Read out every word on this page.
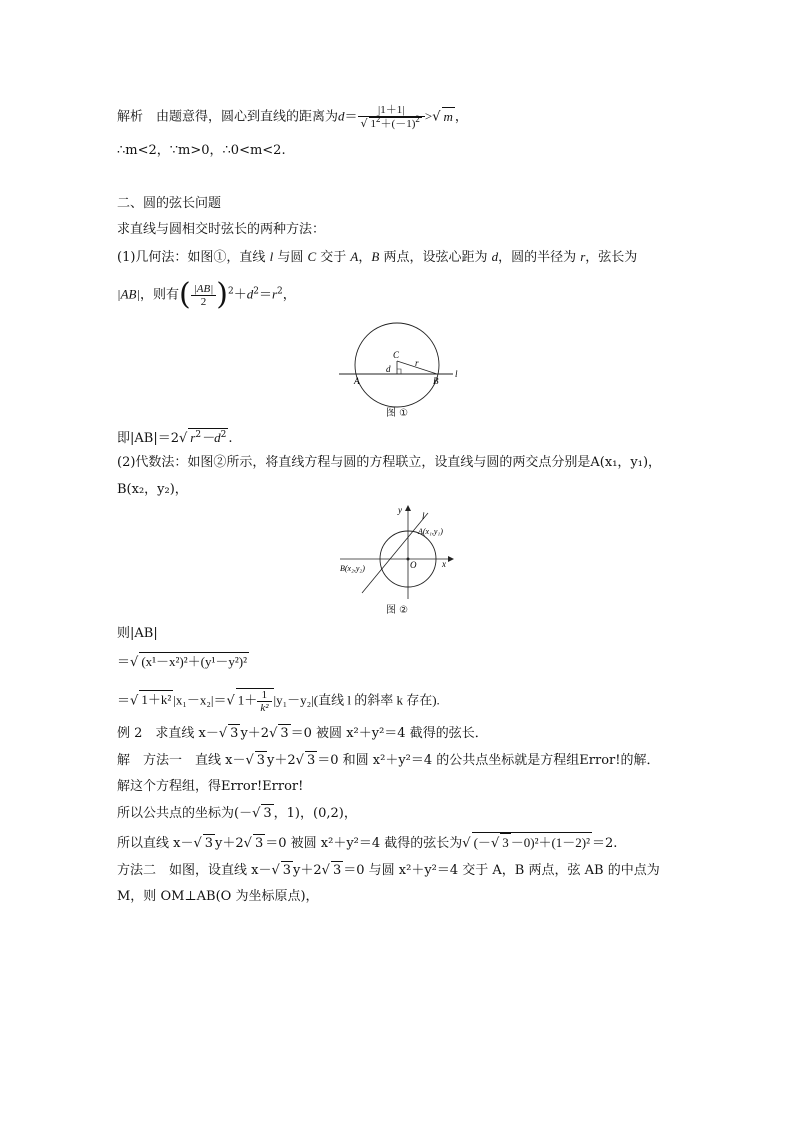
解析　由题意得，圆心到直线的距离为$d= \frac{|1+1|}{√ 1^2+(-1)^2}$ >√ m ，
∴m<2，∵m>0，∴0<m<2.
二、圆的弦长问题
求直线与圆相交时弦长的两种方法：
(1)几何法：如图①，直线 l 与圆 C 交于 A，B 两点，设弦心距为 d，圆的半径为 r，弦长为
|AB|，则有( $\frac{|AB|}{2} )^2+d^2=r^2$，
C
r
d
A	B
l
图 ①
即|AB|＝2√ $r^2-d^2$ .
(2)代数法：如图②所示，将直线方程与圆的方程联立，设直线与圆的两交点分别是A(x₁，y₁)，
B(x₂，y₂)，
y
l
A(x₁,y₁)
O
B(x₂,y₂)	x
图 ②
则|AB|
＝√ (x¹－x²)²＋(y¹－y²)²
＝√ 1＋k² |x₁－x₂|＝√ $1+ \frac{1}{\text{k²}} |y_1-y_2|$(直线 l 的斜率 k 存在).
例 2　求直线 x－√ 3 y＋2√ 3 ＝0 被圆 x²＋y²＝4 截得的弦长．
解　方法一　直线 x－√ 3 y＋2√ 3 ＝0 和圆 x²＋y²＝4 的公共点坐标就是方程组Error!的解．
解这个方程组，得Error!Error!
所以公共点的坐标为(－√ 3 ，1)，(0,2)，
所以直线 x－√ 3 y＋2√ 3 ＝0 被圆 x²＋y²＝4 截得的弦长为√ (－√ 3 －0)²＋(1－2)² ＝2.
方法二　如图，设直线 x－√ 3 y＋2√ 3 ＝0 与圆 x²＋y²＝4 交于 A，B 两点，弦 AB 的中点为
M，则 OM⊥AB(O 为坐标原点)，
